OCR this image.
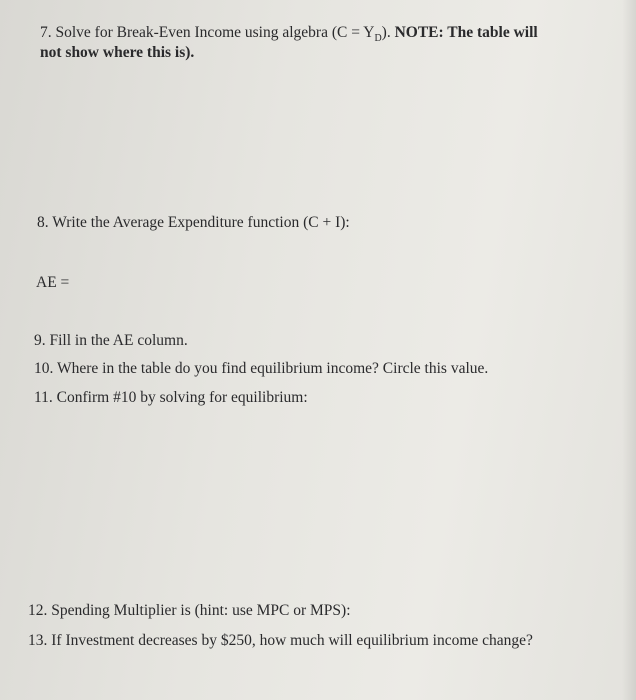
7. Solve for Break-Even Income using algebra $(C = Y_D)$. NOTE: The table will

not show where this is).

8. Write the Average Expenditure function (C + I):

AE =

9. Fill in the AE column.

10. Where in the table do you find equilibrium income? Circle this value.

11. Confirm #10 by solving for equilibrium:

12. Spending Multiplier is (hint: use MPC or MPS):

13. If Investment decreases by $250, how much will equilibrium income change?
